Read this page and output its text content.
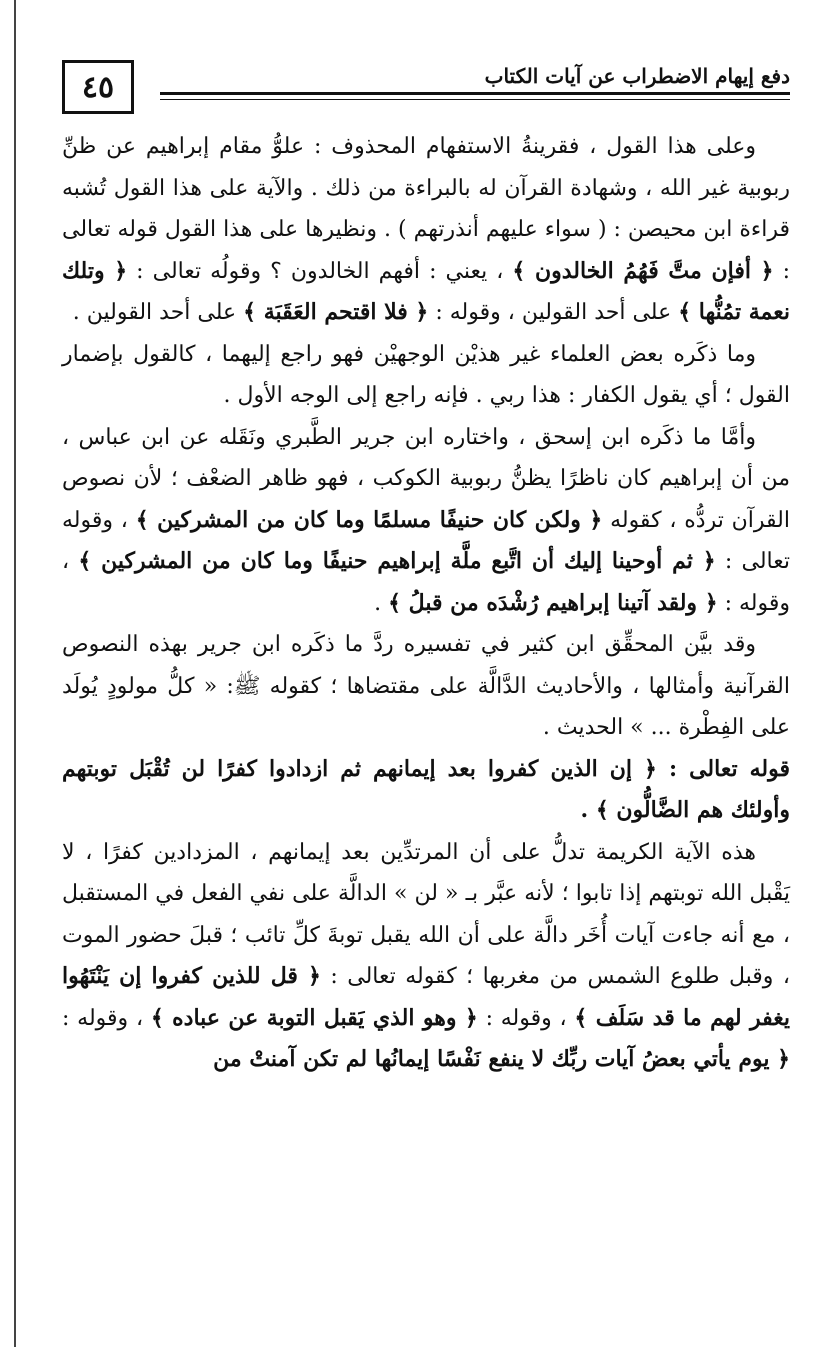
٤٥	دفع إيهام الاضطراب عن آيات الكتاب

وعلى هذا القول ، فقرينةُ الاستفهام المحذوف : علوُّ مقام إبراهيم عن ظنِّ ربوبية غير الله ، وشهادة القرآن له بالبراءة من ذلك . والآية على هذا القول تُشبه قراءة ابن محيصن : ( سواء عليهم أنذرتهم ) . ونظيرها على هذا القول قوله تعالى : ﴿ أفإن متَّ فَهُمُ الخالدون ﴾ ، يعني : أفهم الخالدون ؟ وقولُه تعالى : ﴿ وتلك نعمة تمُنُّها ﴾ على أحد القولين ، وقوله : ﴿ فلا اقتحم العَقَبَة ﴾ على أحد القولين .

وما ذكَره بعض العلماء غير هذيْن الوجهيْن فهو راجع إليهما ، كالقول بإضمار القول ؛ أي يقول الكفار : هذا ربي . فإنه راجع إلى الوجه الأول .

وأمَّا ما ذكَره ابن إسحق ، واختاره ابن جرير الطَّبري ونَقَله عن ابن عباس ، من أن إبراهيم كان ناظرًا يظنُّ ربوبية الكوكب ، فهو ظاهر الضعْف ؛ لأن نصوص القرآن تردُّه ، كقوله ﴿ ولكن كان حنيفًا مسلمًا وما كان من المشركين ﴾ ، وقوله تعالى : ﴿ ثم أوحينا إليك أن اتَّبع ملَّة إبراهيم حنيفًا وما كان من المشركين ﴾ ، وقوله : ﴿ ولقد آتينا إبراهيم رُشْدَه من قبلُ ﴾ .

وقد بيَّن المحقِّق ابن كثير في تفسيره ردَّ ما ذكَره ابن جرير بهذه النصوص القرآنية وأمثالها ، والأحاديث الدَّالَّة على مقتضاها ؛ كقوله ﷺ: « كلُّ مولودٍ يُولَد على الفِطْرة ... » الحديث .

قوله تعالى : ﴿ إن الذين كفروا بعد إيمانهم ثم ازدادوا كفرًا لن تُقْبَل توبتهم وأولئك هم الضَّالُّون ﴾ .

هذه الآية الكريمة تدلُّ على أن المرتدِّين بعد إيمانهم ، المزدادين كفرًا ، لا يَقْبل الله توبتهم إذا تابوا ؛ لأنه عبَّر بـ « لن » الدالَّة على نفي الفعل في المستقبل ، مع أنه جاءت آيات أُخَر دالَّة على أن الله يقبل توبةَ كلِّ تائب ؛ قبلَ حضور الموت ، وقبل طلوع الشمس من مغربها ؛ كقوله تعالى : ﴿ قل للذين كفروا إن يَنْتَهُوا يغفر لهم ما قد سَلَف ﴾ ، وقوله : ﴿ وهو الذي يَقبل التوبة عن عباده ﴾ ، وقوله : ﴿ يوم يأتي بعضُ آيات ربِّك لا ينفع نَفْسًا إيمانُها لم تكن آمنتْ من
